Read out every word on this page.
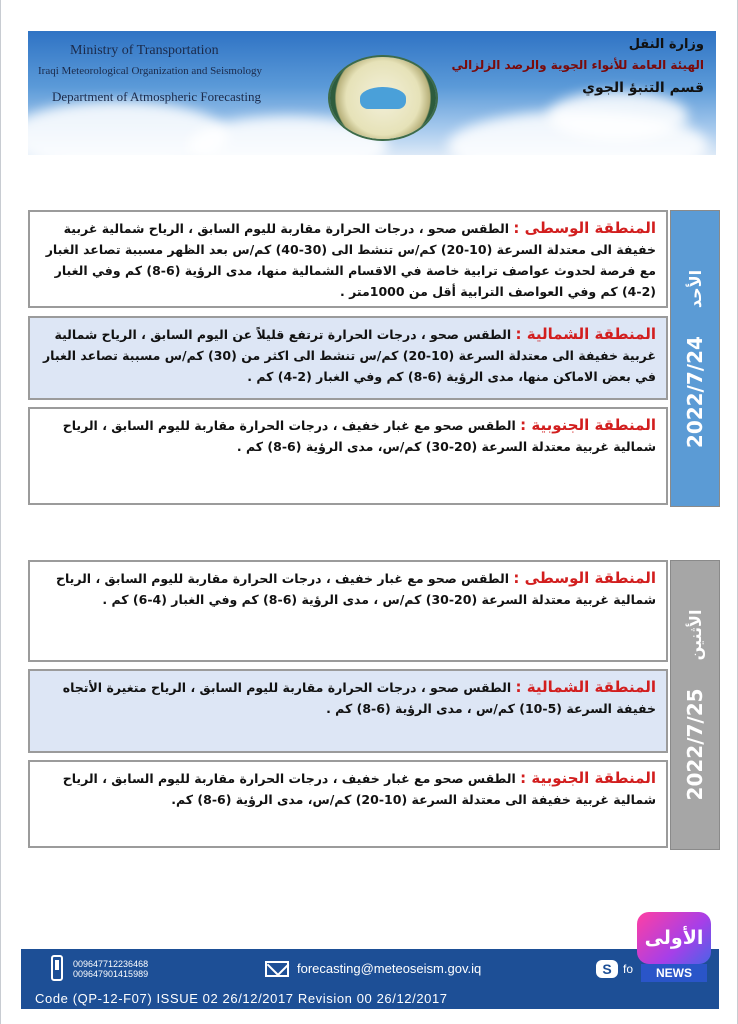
Ministry of Transportation
Iraqi Meteorological Organization and Seismology
Department of Atmospheric Forecasting
وزارة النقل
الهيئة العامة للأنواء الجوية والرصد الزلزالي
قسم التنبؤ الجوي
المنطقة الوسطى : الطقس صحو ، درجات الحرارة مقاربة لليوم السابق ، الرياح شمالية غربية خفيفة الى معتدلة السرعة (10-20) كم/س تنشط الى (30-40) كم/س بعد الظهر مسببة تصاعد الغبار مع فرصة لحدوث عواصف ترابية خاصة في الاقسام الشمالية منها، مدى الرؤية (6-8) كم وفي الغبار (2-4) كم وفي العواصف الترابية أقل من 1000متر .
المنطقة الشمالية : الطقس صحو ، درجات الحرارة ترتفع قليلاً عن اليوم السابق ، الرياح شمالية غربية خفيفة الى معتدلة السرعة (10-20) كم/س تنشط الى اكثر من (30) كم/س مسببة تصاعد الغبار في بعض الاماكن منها، مدى الرؤية (6-8) كم وفي الغبار (2-4) كم .
المنطقة الجنوبية : الطقس صحو مع غبار خفيف ، درجات الحرارة مقاربة لليوم السابق ، الرياح شمالية غربية معتدلة السرعة (20-30) كم/س، مدى الرؤية (6-8) كم .	2022/7/24
الأحد
المنطقة الوسطى : الطقس صحو مع غبار خفيف ، درجات الحرارة مقاربة لليوم السابق ، الرياح شمالية غربية معتدلة السرعة (20-30) كم/س ، مدى الرؤية (6-8) كم وفي الغبار (4-6) كم .
المنطقة الشمالية : الطقس صحو ، درجات الحرارة مقاربة لليوم السابق ، الرياح متغيرة الأتجاه خفيفة السرعة (5-10) كم/س ، مدى الرؤية (6-8) كم .
المنطقة الجنوبية : الطقس صحو مع غبار خفيف ، درجات الحرارة مقاربة لليوم السابق ، الرياح شمالية غربية خفيفة الى معتدلة السرعة (10-20) كم/س، مدى الرؤية (6-8) كم.	2022/7/25
الأثنين
009647712236468
009647901415989	forecasting@meteoseism.gov.iq	S fo
Code (QP-12-F07) ISSUE 02 26/12/2017 Revision 00 26/12/2017
الأولى
NEWS
